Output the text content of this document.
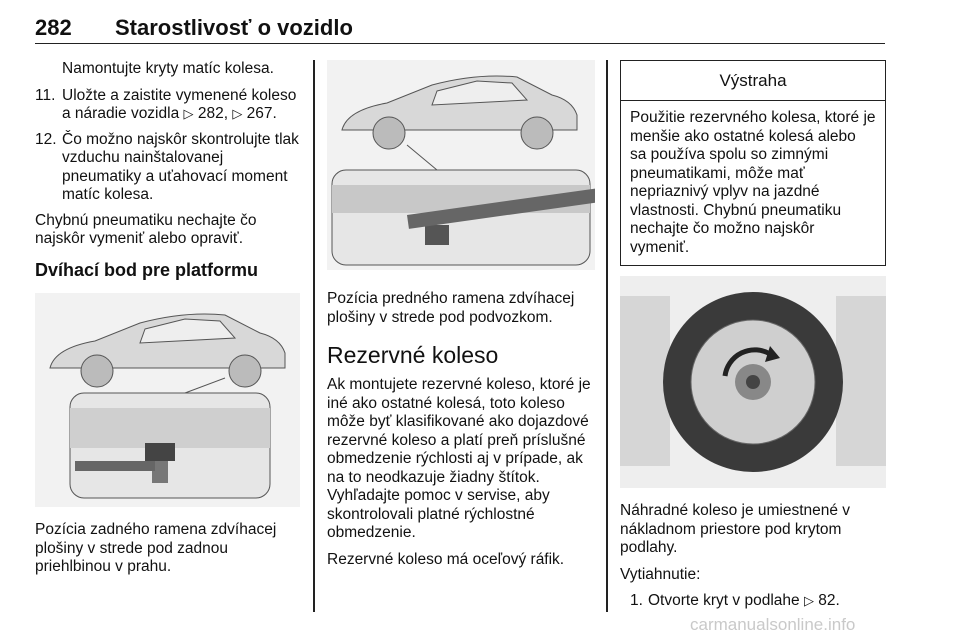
282 Starostlivosť o vozidlo
Namontujte kryty matíc kolesa.
11. Uložte a zaistite vymenené koleso a náradie vozidla ▷ 282, ▷ 267.
12. Čo možno najskôr skontrolujte tlak vzduchu nainštalovanej pneumatiky a uťahovací moment matíc kolesa.
Chybnú pneumatiku nechajte čo najskôr vymeniť alebo opraviť.
Dvíhací bod pre platformu
Pozícia zadného ramena zdvíhacej plošiny v strede pod zadnou priehlbinou v prahu.
Pozícia predného ramena zdvíhacej plošiny v strede pod podvozkom.
Rezervné koleso
Ak montujete rezervné koleso, ktoré je iné ako ostatné kolesá, toto koleso môže byť klasifikované ako dojazdové rezervné koleso a platí preň príslušné obmedzenie rýchlosti aj v prípade, ak na to neodkazuje žiadny štítok. Vyhľadajte pomoc v servise, aby skontrolovali platné rýchlostné obmedzenie.
Rezervné koleso má oceľový ráfik.
Výstraha
Použitie rezervného kolesa, ktoré je menšie ako ostatné kolesá alebo sa používa spolu so zimnými pneumatikami, môže mať nepriaznivý vplyv na jazdné vlastnosti. Chybnú pneumatiku nechajte čo možno najskôr vymeniť.
Náhradné koleso je umiestnené v nákladnom priestore pod krytom podlahy.
Vytiahnutie:
1. Otvorte kryt v podlahe ▷ 82.
carmanualsonline.info
